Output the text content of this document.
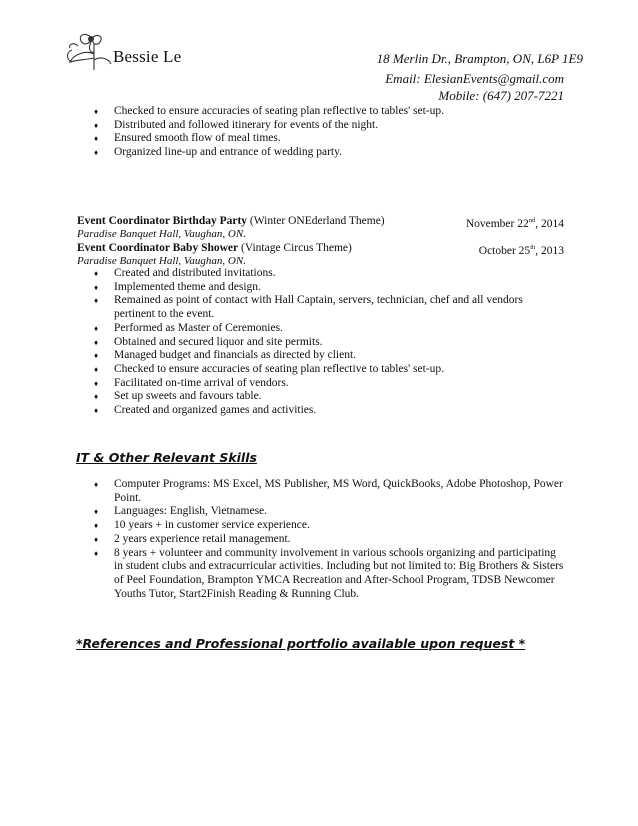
Bessie Le	18 Merlin Dr., Brampton, ON, L6P 1E9
Email: ElesianEvents@gmail.com
Mobile: (647) 207-7221
♦ Checked to ensure accuracies of seating plan reflective to tables' set-up.
♦ Distributed and followed itinerary for events of the night.
♦ Ensured smooth flow of meal times.
♦ Organized line-up and entrance of wedding party.
Event Coordinator Birthday Party (Winter ONEderland Theme)	November 22nd, 2014
Paradise Banquet Hall, Vaughan, ON.
Event Coordinator Baby Shower (Vintage Circus Theme)	October 25th, 2013
Paradise Banquet Hall, Vaughan, ON.
♦ Created and distributed invitations.
♦ Implemented theme and design.
♦ Remained as point of contact with Hall Captain, servers, technician, chef and all vendors pertinent to the event.
♦ Performed as Master of Ceremonies.
♦ Obtained and secured liquor and site permits.
♦ Managed budget and financials as directed by client.
♦ Checked to ensure accuracies of seating plan reflective to tables' set-up.
♦ Facilitated on-time arrival of vendors.
♦ Set up sweets and favours table.
♦ Created and organized games and activities.
IT & Other Relevant Skills
♦ Computer Programs: MS Excel, MS Publisher, MS Word, QuickBooks, Adobe Photoshop, Power Point.
♦ Languages: English, Vietnamese.
♦ 10 years + in customer service experience.
♦ 2 years experience retail management.
♦ 8 years + volunteer and community involvement in various schools organizing and participating in student clubs and extracurricular activities. Including but not limited to: Big Brothers & Sisters of Peel Foundation, Brampton YMCA Recreation and After-School Program, TDSB Newcomer Youths Tutor, Start2Finish Reading & Running Club.
*References and Professional portfolio available upon request *
